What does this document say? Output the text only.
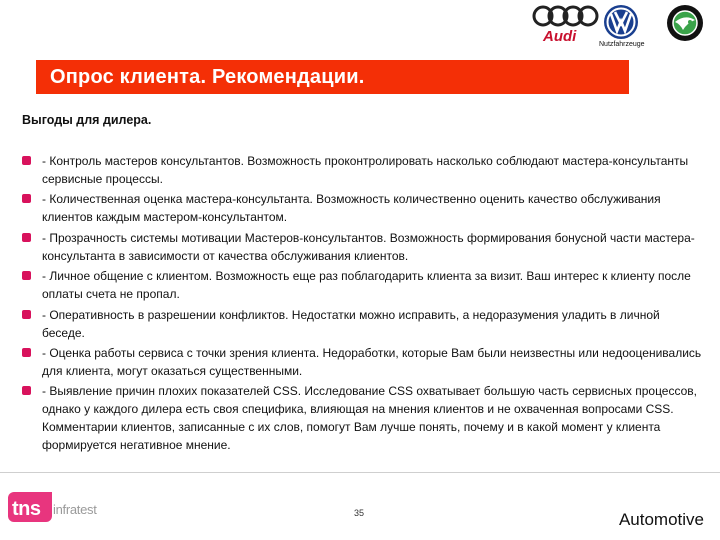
Audi	Nutzfahrzeuge
Опрос клиента. Рекомендации.
Выгоды для дилера.
- Контроль мастеров консультантов. Возможность проконтролировать насколько соблюдают мастера-консультанты сервисные процессы.
- Количественная оценка мастера-консультанта. Возможность количественно оценить качество обслуживания клиентов каждым мастером-консультантом.
- Прозрачность системы мотивации Мастеров-консультантов. Возможность формирования бонусной части мастера-консультанта в зависимости от качества обслуживания клиентов.
- Личное общение с клиентом. Возможность еще раз поблагодарить клиента за визит. Ваш интерес к клиенту после оплаты счета не пропал.
- Оперативность в разрешении конфликтов. Недостатки можно исправить, а недоразумения уладить в личной беседе.
- Оценка работы сервиса с точки зрения клиента. Недоработки, которые Вам были неизвестны или недооценивались для клиента, могут оказаться существенными.
- Выявление причин плохих показателей CSS. Исследование CSS охватывает большую часть сервисных процессов, однако у каждого дилера есть своя специфика, влияющая на мнения клиентов и не охваченная вопросами CSS. Комментарии клиентов, записанные с их слов, помогут Вам лучше понять, почему и в какой момент у клиента формируется негативное мнение.
tns infratest	35	Automotive
